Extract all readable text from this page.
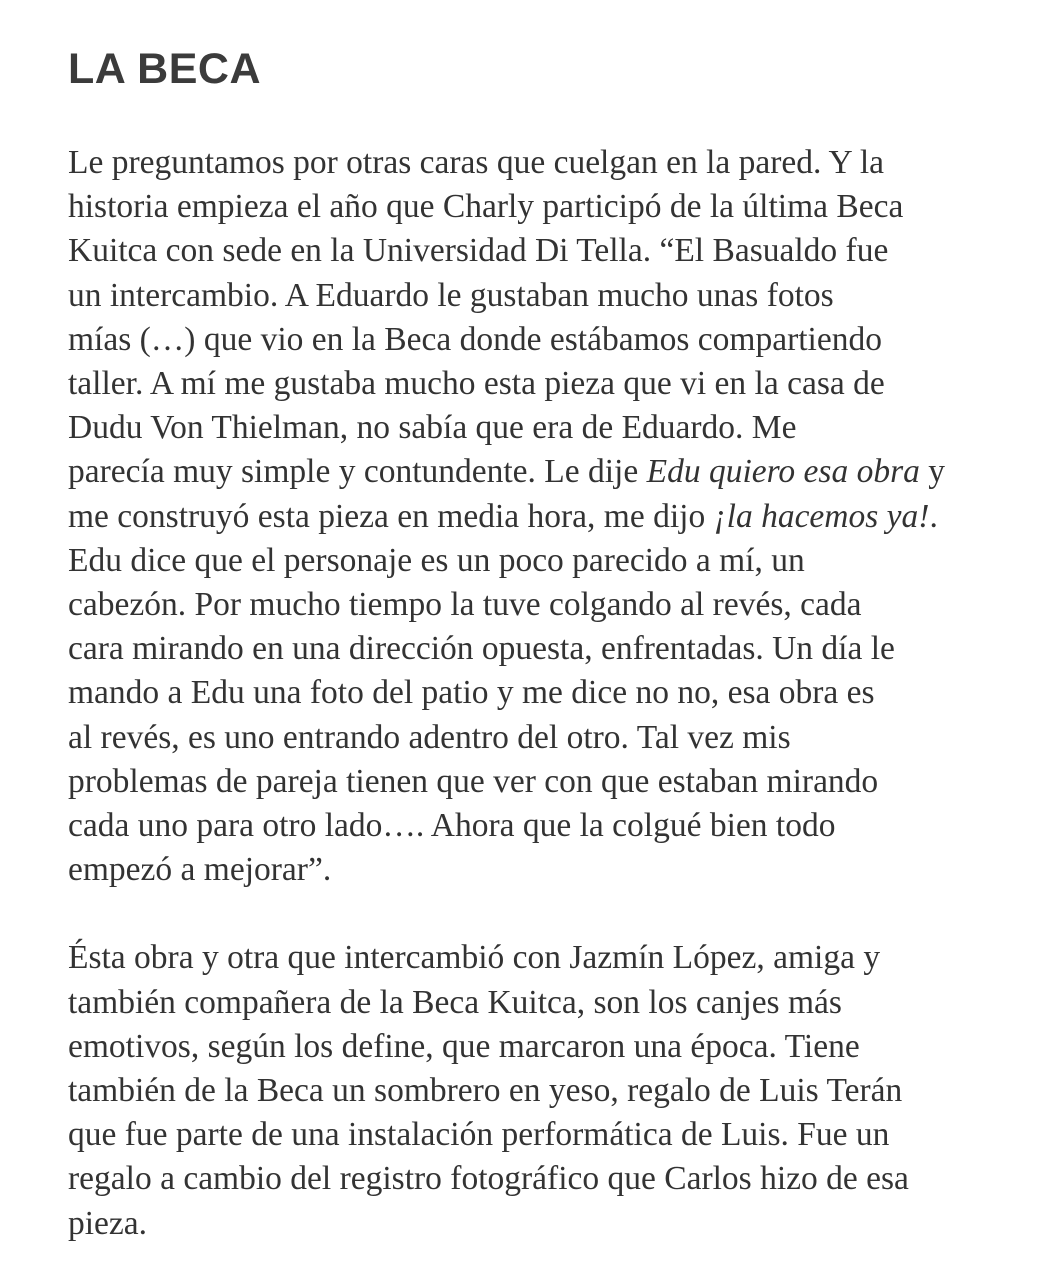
LA BECA

Le preguntamos por otras caras que cuelgan en la pared. Y la
historia empieza el año que Charly participó de la última Beca
Kuitca con sede en la Universidad Di Tella. “El Basualdo fue
un intercambio. A Eduardo le gustaban mucho unas fotos
mías (…) que vio en la Beca donde estábamos compartiendo
taller. A mí me gustaba mucho esta pieza que vi en la casa de
Dudu Von Thielman, no sabía que era de Eduardo. Me
parecía muy simple y contundente. Le dije Edu quiero esa obra y
me construyó esta pieza en media hora, me dijo ¡la hacemos ya!.
Edu dice que el personaje es un poco parecido a mí, un
cabezón. Por mucho tiempo la tuve colgando al revés, cada
cara mirando en una dirección opuesta, enfrentadas. Un día le
mando a Edu una foto del patio y me dice no no, esa obra es
al revés, es uno entrando adentro del otro. Tal vez mis
problemas de pareja tienen que ver con que estaban mirando
cada uno para otro lado…. Ahora que la colgué bien todo
empezó a mejorar”.

Ésta obra y otra que intercambió con Jazmín López, amiga y
también compañera de la Beca Kuitca, son los canjes más
emotivos, según los define, que marcaron una época. Tiene
también de la Beca un sombrero en yeso, regalo de Luis Terán
que fue parte de una instalación performática de Luis. Fue un
regalo a cambio del registro fotográfico que Carlos hizo de esa
pieza.
